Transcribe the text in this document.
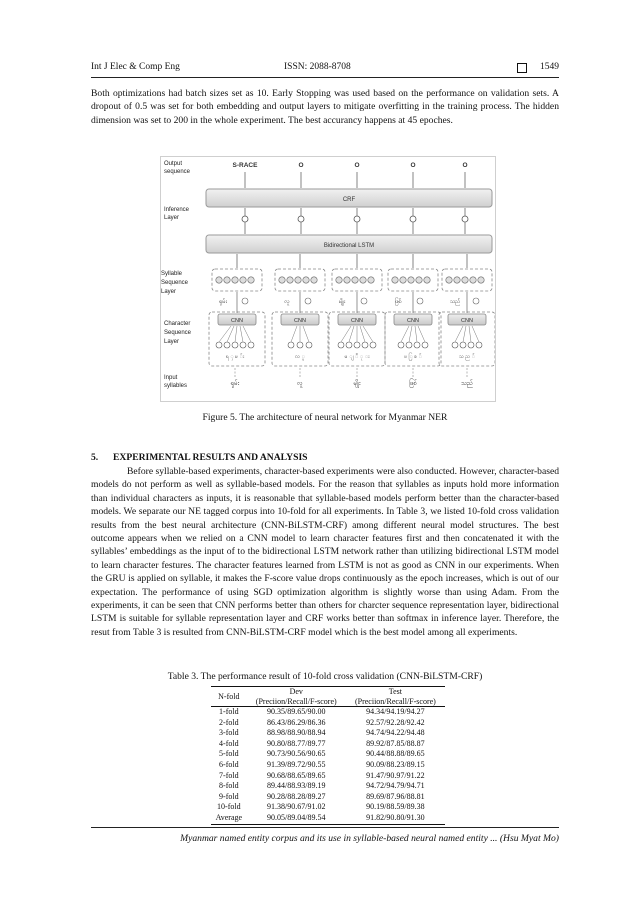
Int J Elec & Comp Eng	ISSN: 2088-8708	1549

Both optimizations had batch sizes set as 10. Early Stopping was used based on the performance on validation sets. A dropout of 0.5 was set for both embedding and output layers to mitigate overfitting in the training process. The hidden dimension was set to 200 in the whole experiment. The best accurancy happens at 45 epoches.

Output
sequence
Inference
Layer
Syllable
Sequence
Layer
Character
Sequence
Layer
Input
syllables
S-RACE	O	O	O	O
CRF
Bidirectional LSTM
ရှမ်း	လူ	မျိုး	ဖြစ်	သည်
CNN	CNN	CNN	CNN	CNN
ရ ှ မ ်း	လ ူ	မ ျ ိ ု း	ဖ ြ စ ်	သ ည ်
ရှမ်း	လူ	မျိုး	ဖြစ်	သည်
Figure 5. The architecture of neural network for Myanmar NER
5. EXPERIMENTAL RESULTS AND ANALYSIS

Before syllable-based experiments, character-based experiments were also conducted. However, character-based models do not perform as well as syllable-based models. For the reason that syllables as inputs hold more information than individual characters as inputs, it is reasonable that syllable-based models perform better than the character-based models. We separate our NE tagged corpus into 10-fold for all experiments. In Table 3, we listed 10-fold cross validation results from the best neural architecture (CNN-BiLSTM-CRF) among different neural model structures. The best outcome appears when we relied on a CNN model to learn character features first and then concatenated it with the syllables’ embeddings as the input of to the bidirectional LSTM network rather than utilizing bidirectional LSTM model to learn character festures. The character features learned from LSTM is not as good as CNN in our experiments. When the GRU is applied on syllable, it makes the F-score value drops continuously as the epoch increases, which is out of our expectation. The performance of using SGD optimization algorithm is slightly worse than using Adam. From the experiments, it can be seen that CNN performs better than others for charcter sequence representation layer, bidirectional LSTM is suitable for syllable representation layer and CRF works better than softmax in inference layer. Therefore, the resut from Table 3 is resulted from CNN-BiLSTM-CRF model which is the best model among all experiments.

Table 3. The performance result of 10-fold cross validation (CNN-BiLSTM-CRF)
N-fold	Dev	Test
	(Preciion/Recall/F-score)	(Preciion/Recall/F-score)
1-fold	90.35/89.65/90.00	94.34/94.19/94.27
2-fold	86.43/86.29/86.36	92.57/92.28/92.42
3-fold	88.98/88.90/88.94	94.74/94.22/94.48
4-fold	90.80/88.77/89.77	89.92/87.85/88.87
5-fold	90.73/90.56/90.65	90.44/88.88/89.65
6-fold	91.39/89.72/90.55	90.09/88.23/89.15
7-fold	90.68/88.65/89.65	91.47/90.97/91.22
8-fold	89.44/88.93/89.19	94.72/94.79/94.71
9-fold	90.28/88.28/89.27	89.69/87.96/88.81
10-fold	91.38/90.67/91.02	90.19/88.59/89.38
Average	90.05/89.04/89.54	91.82/90.80/91.30
Myanmar named entity corpus and its use in syllable-based neural named entity ... (Hsu Myat Mo)
